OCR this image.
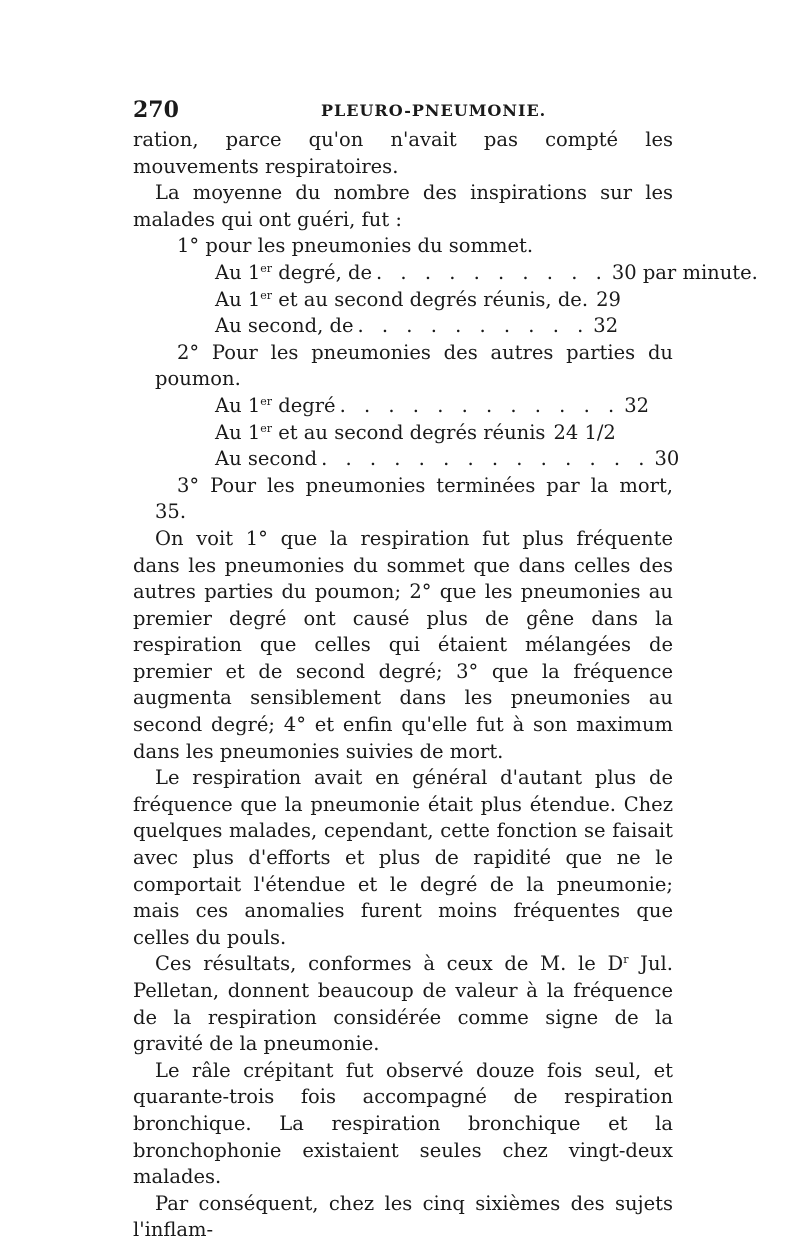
270	PLEURO-PNEUMONIE.

ration, parce qu'on n'avait pas compté les mouvements respiratoires.

La moyenne du nombre des inspirations sur les malades qui ont guéri, fut :

1° pour les pneumonies du sommet.

Au 1er degré, de . . . . . . . . . . 30 par minute.
Au 1er et au second degrés réunis, de. 29
Au second, de . . . . . . . . . . 32

2° Pour les pneumonies des autres parties du poumon.

Au 1er degré . . . . . . . . . . . . 32
Au 1er et au second degrés réunis 24 1/2
Au second . . . . . . . . . . . . . . 30

3° Pour les pneumonies terminées par la mort, 35.

On voit 1° que la respiration fut plus fréquente dans les pneumonies du sommet que dans celles des autres parties du poumon; 2° que les pneumonies au premier degré ont causé plus de gêne dans la respiration que celles qui étaient mélangées de premier et de second degré; 3° que la fréquence augmenta sensiblement dans les pneumonies au second degré; 4° et enfin qu'elle fut à son maximum dans les pneumonies suivies de mort.

Le respiration avait en général d'autant plus de fréquence que la pneumonie était plus étendue. Chez quelques malades, cependant, cette fonction se faisait avec plus d'efforts et plus de rapidité que ne le comportait l'étendue et le degré de la pneumonie; mais ces anomalies furent moins fréquentes que celles du pouls.

Ces résultats, conformes à ceux de M. le $D^r$ Jul. Pelletan, donnent beaucoup de valeur à la fréquence de la respiration considérée comme signe de la gravité de la pneumonie.

Le râle crépitant fut observé douze fois seul, et quarante-trois fois accompagné de respiration bronchique. La respiration bronchique et la bronchophonie existaient seules chez vingt-deux malades.

Par conséquent, chez les cinq sixièmes des sujets l'inflam-
